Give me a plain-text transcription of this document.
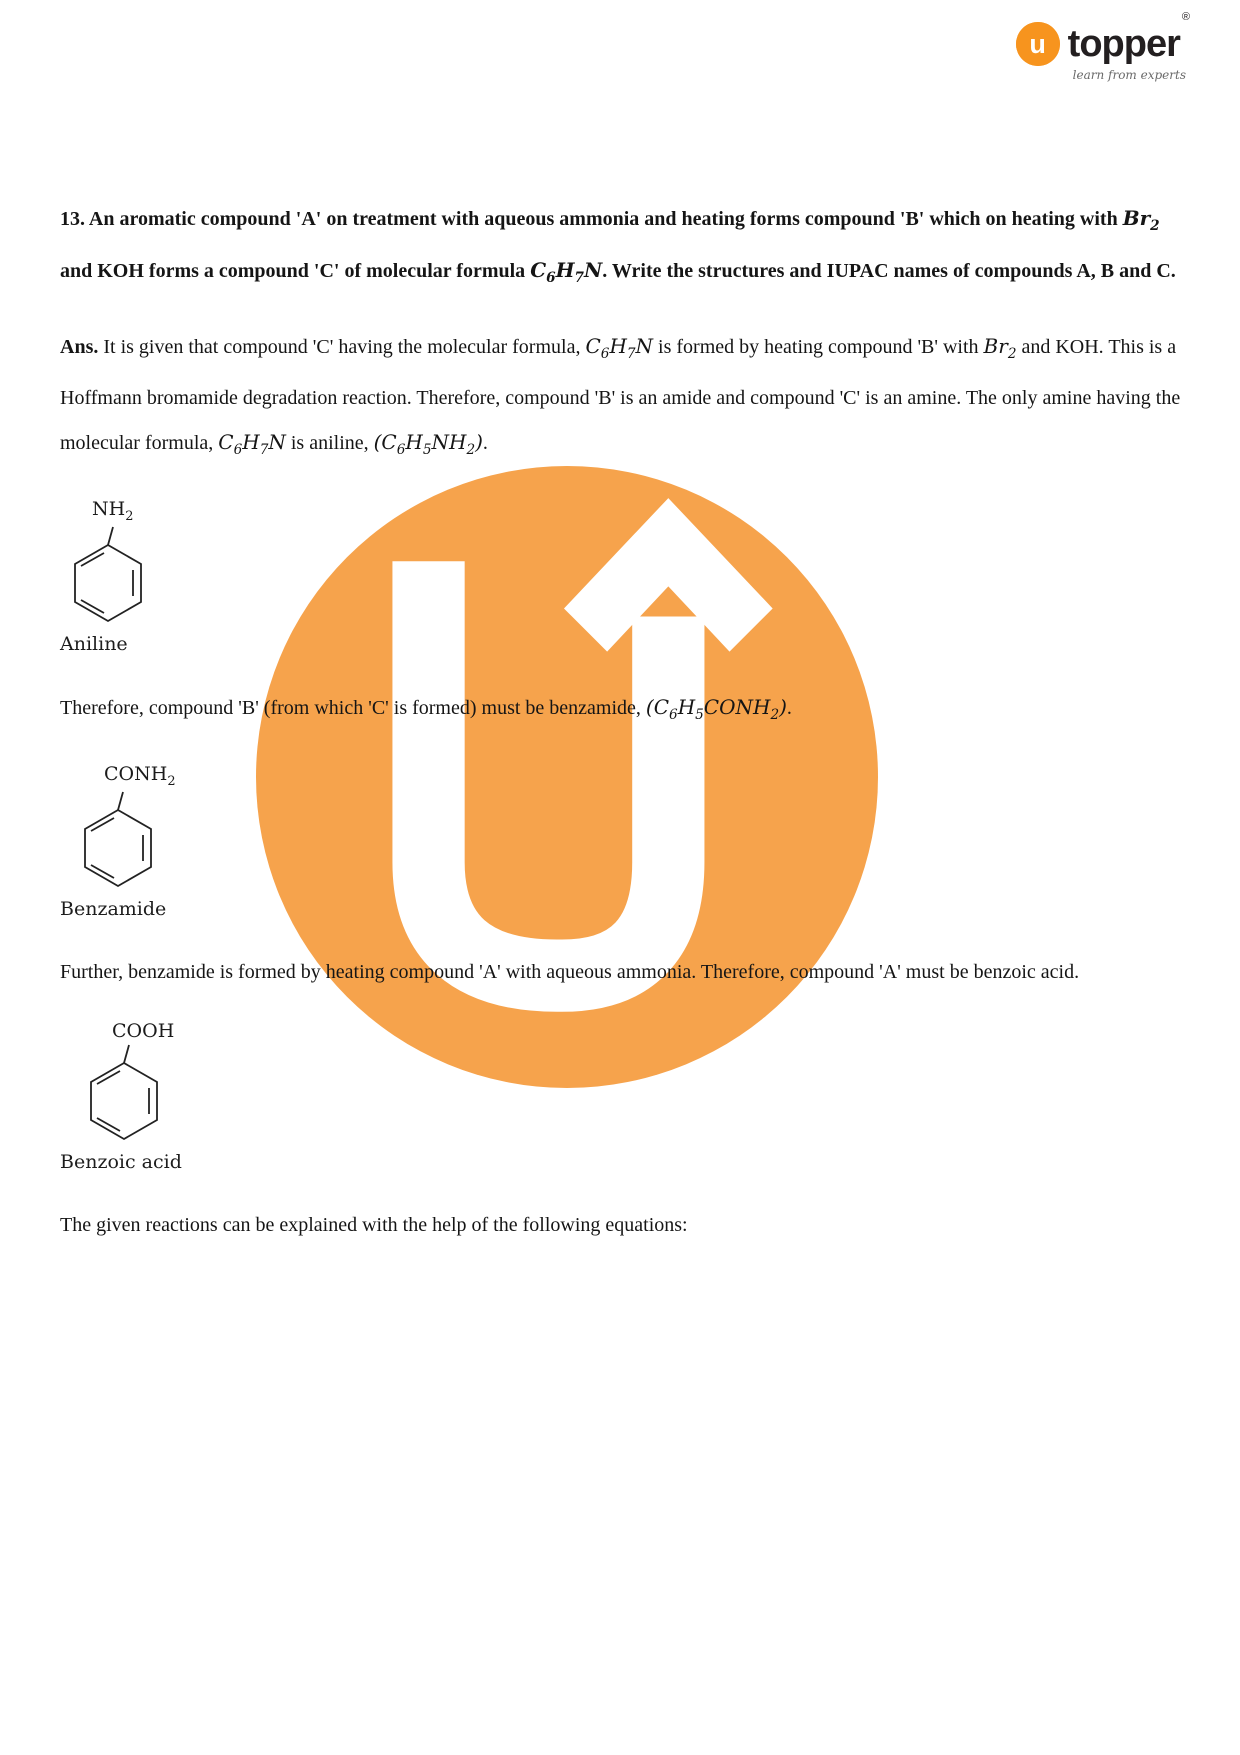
u topper®
learn from experts

13. An aromatic compound 'A' on treatment with aqueous ammonia and heating forms compound 'B' which on heating with $Br_2$ and KOH forms a compound 'C' of molecular formula $C_6H_7N$. Write the structures and IUPAC names of compounds A, B and C.

Ans. It is given that compound 'C' having the molecular formula, $C_6H_7N$ is formed by heating compound 'B' with $Br_2$ and KOH. This is a Hoffmann bromamide degradation reaction. Therefore, compound 'B' is an amide and compound 'C' is an amine. The only amine having the molecular formula, $C_6H_7N$ is aniline, $(C_6H_5NH_2)$.

$NH_2$
Aniline

Therefore, compound 'B' (from which 'C' is formed) must be benzamide, $(C_6H_5CONH_2)$.

$CONH_2$
Benzamide

Further, benzamide is formed by heating compound 'A' with aqueous ammonia. Therefore, compound 'A' must be benzoic acid.

COOH
Benzoic acid

The given reactions can be explained with the help of the following equations:
